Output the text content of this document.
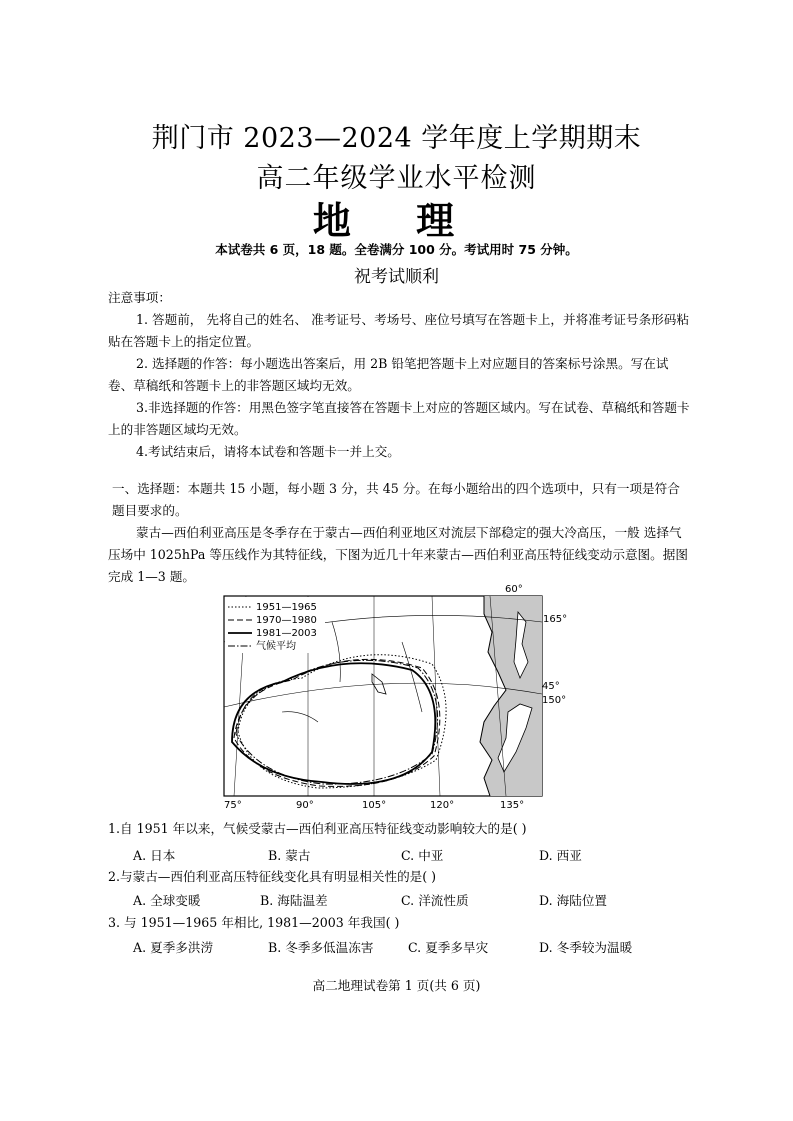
荆门市 2023—2024 学年度上学期期末
高二年级学业水平检测
地 理
本试卷共 6 页，18 题。全卷满分 100 分。考试用时 75 分钟。
祝考试顺利
注意事项：
1. 答题前， 先将自己的姓名、 准考证号、考场号、座位号填写在答题卡上，并将准考证号条形码粘贴在答题卡上的指定位置。
2. 选择题的作答：每小题选出答案后，用 2B 铅笔把答题卡上对应题目的答案标号涂黑。写在试卷、草稿纸和答题卡上的非答题区域均无效。
3.非选择题的作答：用黑色签字笔直接答在答题卡上对应的答题区域内。写在试卷、草稿纸和答题卡上的非答题区域均无效。
4.考试结束后，请将本试卷和答题卡一并上交。
一、选择题：本题共 15 小题，每小题 3 分，共 45 分。在每小题给出的四个选项中，只有一项是符合题目要求的。
蒙古—西伯利亚高压是冬季存在于蒙古—西伯利亚地区对流层下部稳定的强大冷高压，一般 选择气压场中 1025hPa 等压线作为其特征线，下图为近几十年来蒙古—西伯利亚高压特征线变动示意图。据图完成 1—3 题。
1951—1965
1970—1980
1981—2003
气候平均
75°	90°	105°	120°	135°
60°
165°
45°
150°
1.自 1951 年以来，气候受蒙古—西伯利亚高压特征线变动影响较大的是( )
A. 日本	B. 蒙古	C. 中亚	D. 西亚
2.与蒙古—西伯利亚高压特征线变化具有明显相关性的是( )
A. 全球变暖	B. 海陆温差	C. 洋流性质	D. 海陆位置
3. 与 1951—1965 年相比, 1981—2003 年我国( )
A. 夏季多洪涝	B. 冬季多低温冻害	C. 夏季多旱灾	D. 冬季较为温暖
高二地理试卷第 1 页(共 6 页)
